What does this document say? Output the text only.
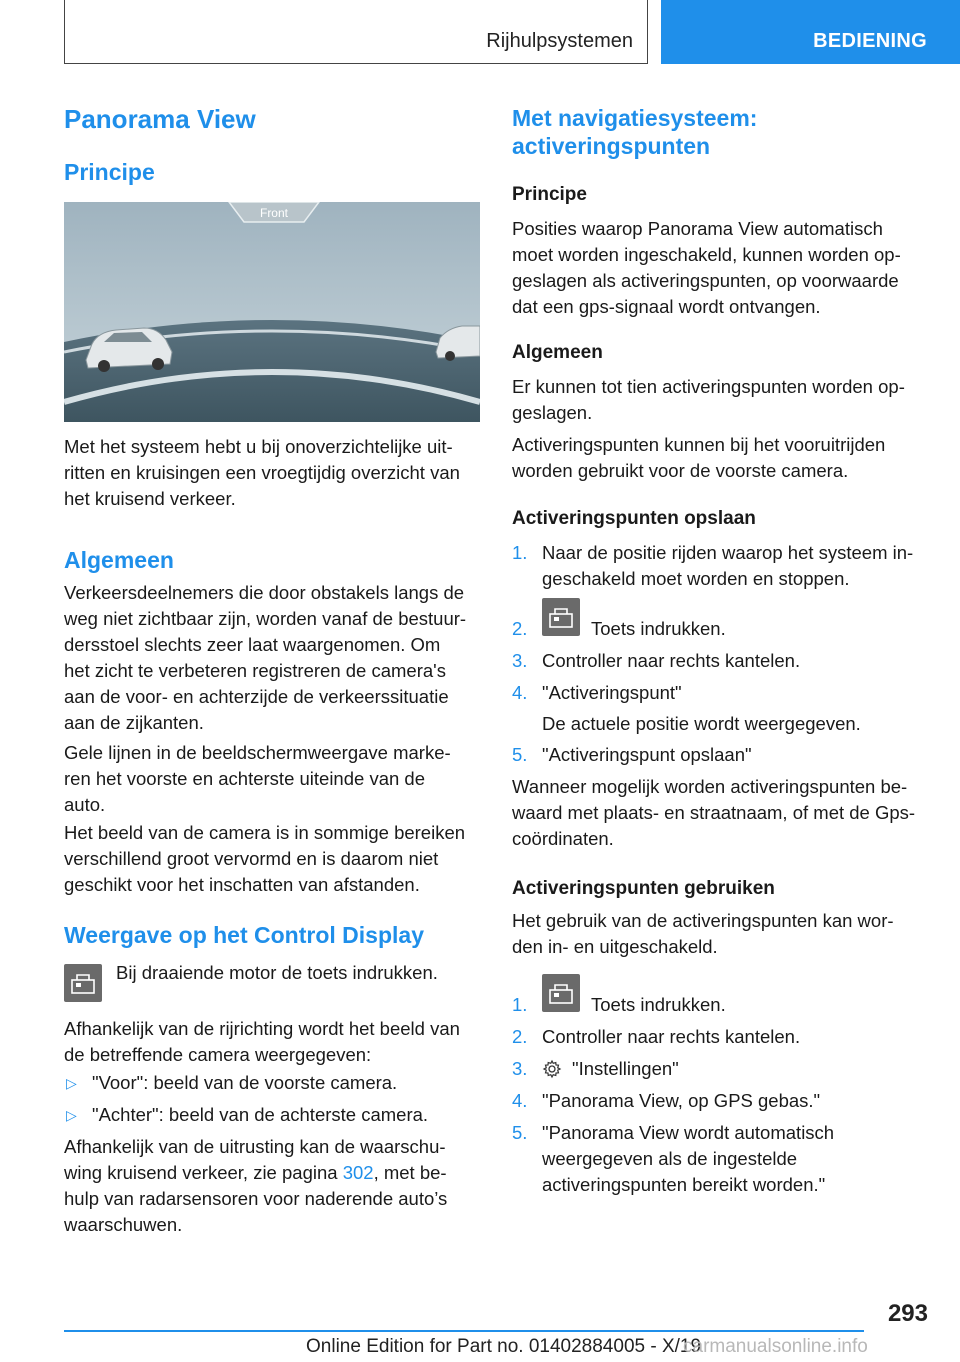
Rijhulpsystemen	BEDIENING
Panorama View
Principe
Front
Met het systeem hebt u bij onoverzichtelijke uit-
ritten en kruisingen een vroegtijdig overzicht van
het kruisend verkeer.
Algemeen
Verkeersdeelnemers die door obstakels langs de
weg niet zichtbaar zijn, worden vanaf de bestuur-
dersstoel slechts zeer laat waargenomen. Om
het zicht te verbeteren registreren de camera's
aan de voor- en achterzijde de verkeerssituatie
aan de zijkanten.
Gele lijnen in de beeldschermweergave marke-
ren het voorste en achterste uiteinde van de
auto.
Het beeld van de camera is in sommige bereiken
verschillend groot vervormd en is daarom niet
geschikt voor het inschatten van afstanden.
Weergave op het Control Display
Bij draaiende motor de toets indrukken.
Afhankelijk van de rijrichting wordt het beeld van
de betreffende camera weergegeven:
▷ "Voor": beeld van de voorste camera.
▷ "Achter": beeld van de achterste camera.
Afhankelijk van de uitrusting kan de waarschu-
wing kruisend verkeer, zie pagina 302, met be-
hulp van radarsensoren voor naderende auto’s
waarschuwen.
Met navigatiesysteem:
activeringspunten
Principe
Posities waarop Panorama View automatisch
moet worden ingeschakeld, kunnen worden op-
geslagen als activeringspunten, op voorwaarde
dat een gps-signaal wordt ontvangen.
Algemeen
Er kunnen tot tien activeringspunten worden op-
geslagen.
Activeringspunten kunnen bij het vooruitrijden
worden gebruikt voor de voorste camera.
Activeringspunten opslaan
1. Naar de positie rijden waarop het systeem in-
geschakeld moet worden en stoppen.
2.	Toets indrukken.
3. Controller naar rechts kantelen.
4. "Activeringspunt"
De actuele positie wordt weergegeven.
5. "Activeringspunt opslaan"
Wanneer mogelijk worden activeringspunten be-
waard met plaats- en straatnaam, of met de Gps-
coördinaten.
Activeringspunten gebruiken
Het gebruik van de activeringspunten kan wor-
den in- en uitgeschakeld.
1.	Toets indrukken.
2. Controller naar rechts kantelen.
3. "Instellingen"
4. "Panorama View, op GPS gebas."
5. "Panorama View wordt automatisch
weergegeven als de ingestelde
activeringspunten bereikt worden."
293
Online Edition for Part no. 01402884005 - X/19
carmanualsonline.info
